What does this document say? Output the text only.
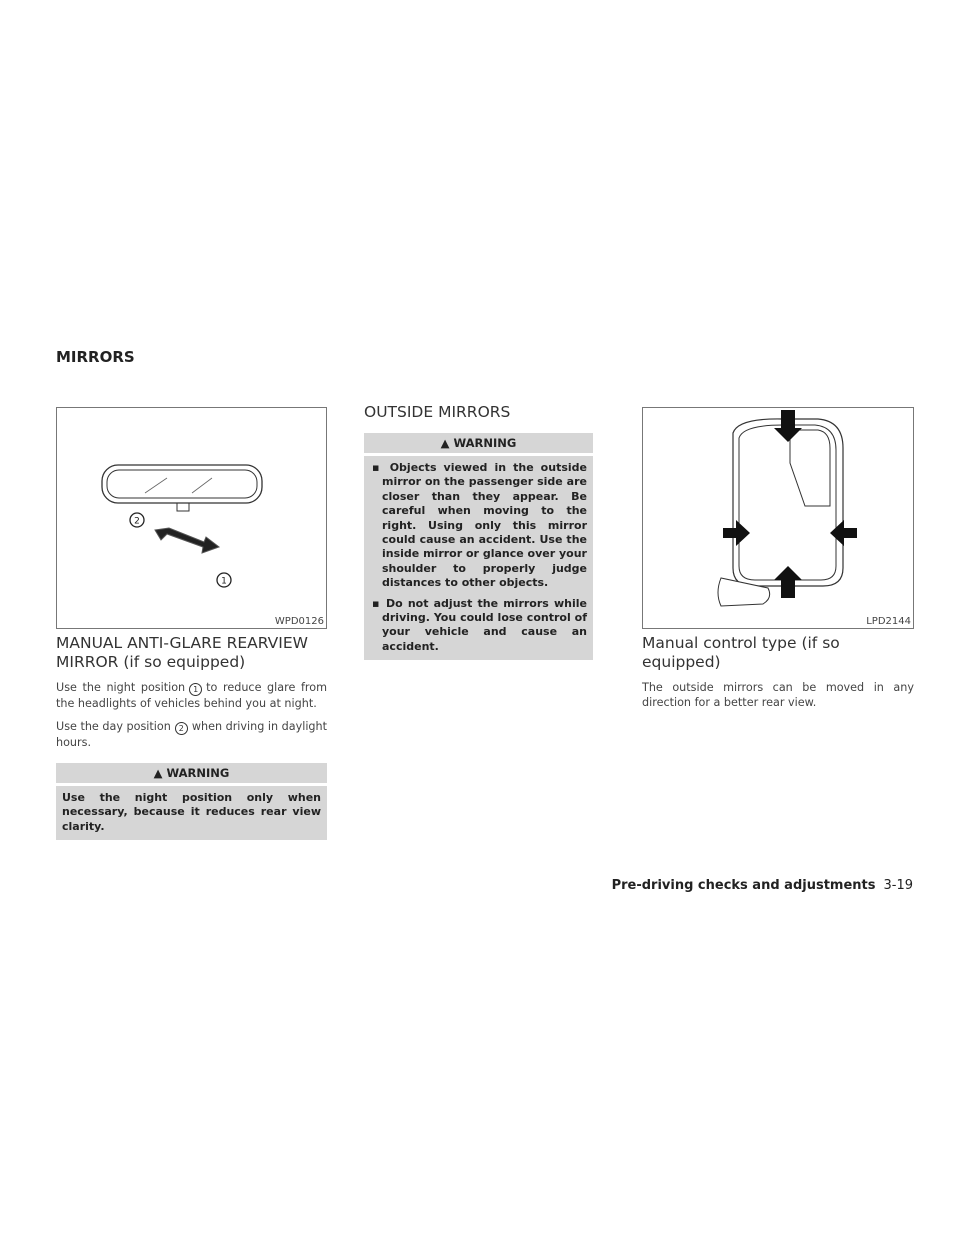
MIRRORS
2
1
WPD0126
MANUAL ANTI-GLARE REARVIEW MIRROR (if so equipped)

Use the night position 1 to reduce glare from the headlights of vehicles behind you at night.

Use the day position 2 when driving in daylight hours.

▲ WARNING
Use the night position only when necessary, because it reduces rear view clarity.
OUTSIDE MIRRORS
▲ WARNING
▪ Objects viewed in the outside mirror on the passenger side are closer than they appear. Be careful when moving to the right. Using only this mirror could cause an accident. Use the inside mirror or glance over your shoulder to properly judge distances to other objects.
▪ Do not adjust the mirrors while driving. You could lose control of your vehicle and cause an accident.
LPD2144
Manual control type (if so equipped)

The outside mirrors can be moved in any direction for a better rear view.

Pre-driving checks and adjustments 3-19
